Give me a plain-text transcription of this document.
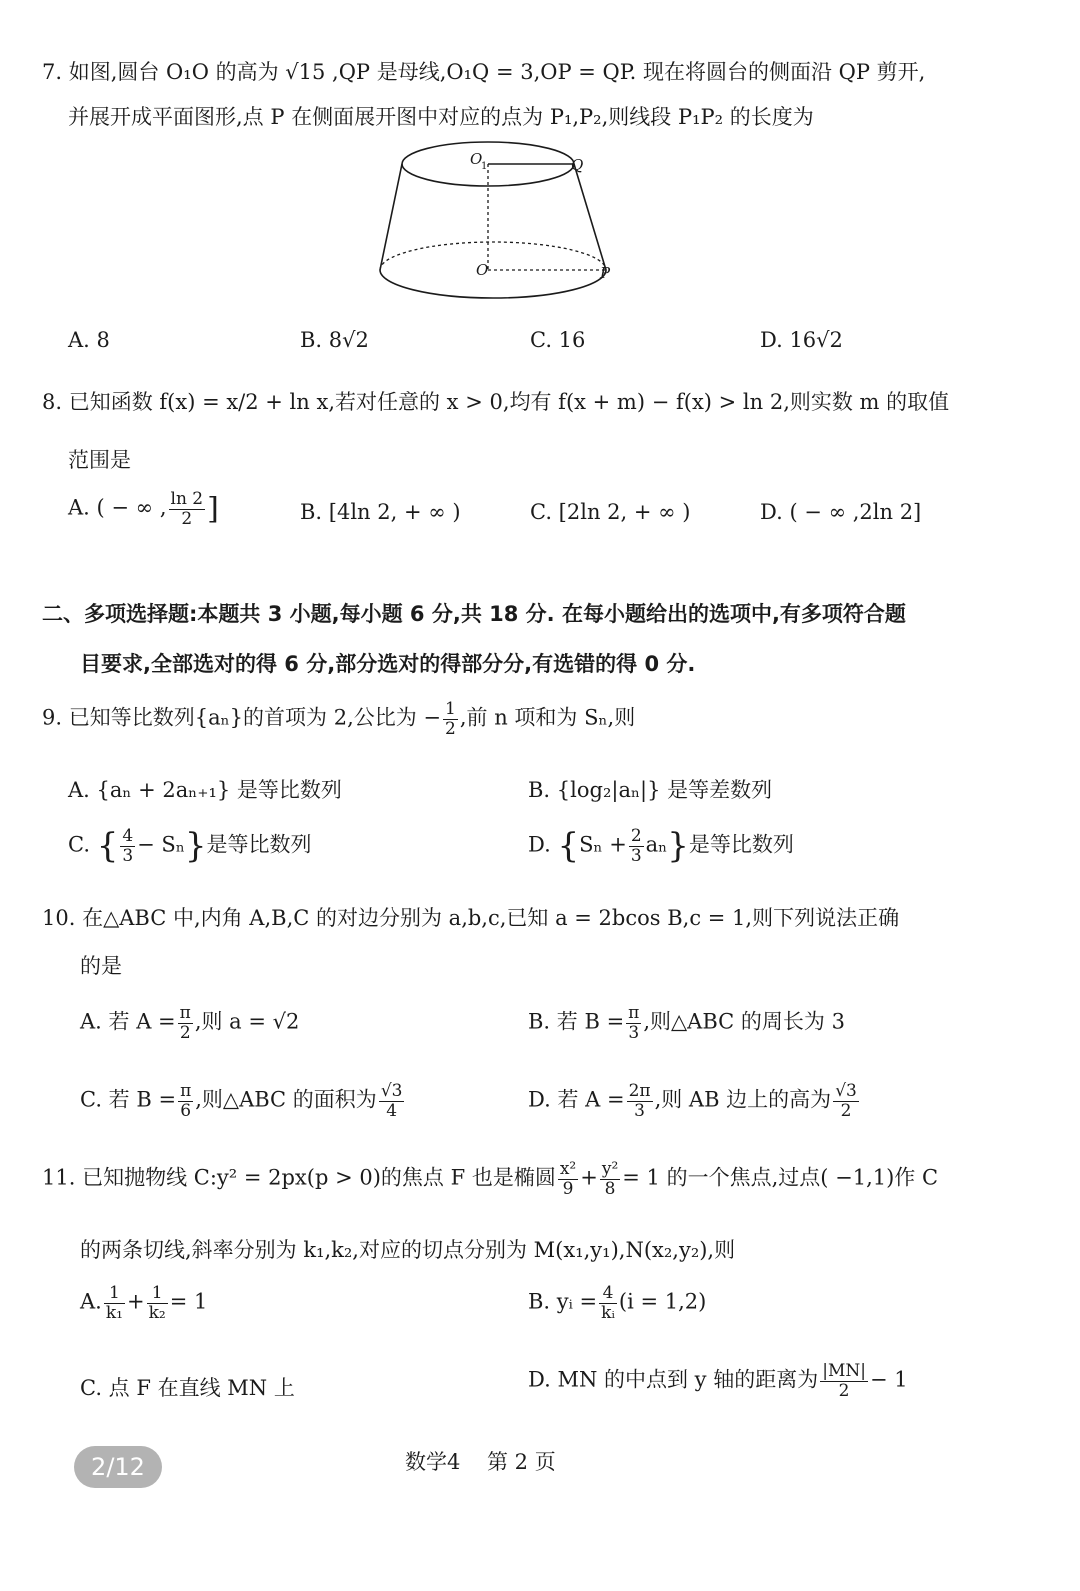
7. 如图,圆台 O₁O 的高为 √15 ,QP 是母线,O₁Q = 3,OP = QP. 现在将圆台的侧面沿 QP 剪开,
并展开成平面图形,点 P 在侧面展开图中对应的点为 P₁,P₂,则线段 P₁P₂ 的长度为
O
1	Q
O	P
A. 8	B. 8√2	C. 16	D. 16√2
8. 已知函数 f(x) = x/2 + ln x,若对任意的 x > 0,均有 f(x + m) − f(x) > ln 2,则实数 m 的取值
范围是
A. ( − ∞ , $\frac{\ln 2}{2}$ ]	B. [4ln 2, + ∞ )	C. [2ln 2, + ∞ )	D. ( − ∞ ,2ln 2]
二、多项选择题:本题共 3 小题,每小题 6 分,共 18 分. 在每小题给出的选项中,有多项符合题
目要求,全部选对的得 6 分,部分选对的得部分分,有选错的得 0 分.
9. 已知等比数列{aₙ}的首项为 2,公比为 − $\frac{1}{2}$ ,前 n 项和为 Sₙ,则
A. {aₙ + 2aₙ₊₁} 是等比数列	B. {log₂|aₙ|} 是等差数列
C. { $\frac{4}{3} - S_n$}是等比数列	D. $\{S_n + \frac{2}{3} a_n\}$是等比数列
10. 在△ABC 中,内角 A,B,C 的对边分别为 a,b,c,已知 a = 2bcos B,c = 1,则下列说法正确
的是
A. 若 $A = \frac{\pi}{2}$ ,则 a = √2	B. 若 $B = \frac{\pi}{3}$ ,则△ABC 的周长为 3
C. 若 $B = \frac{\pi}{6}$ ,则△ABC 的面积为 $\frac{√3}{4}$	D. 若 $A = \frac{2\pi}{3}$ ,则 AB 边上的高为 $\frac{√3}{2}$
11. 已知抛物线 C:y² = 2px(p > 0)的焦点 F 也是椭圆 $\frac{\text{x²}}{9} + \frac{\text{y²}}{8} = 1$ 的一个焦点,过点( −1,1)作 C
的两条切线,斜率分别为 k₁,k₂,对应的切点分别为 M(x₁,y₁),N(x₂,y₂),则
A. $\frac{1}{\text{k₁}} + \frac{1}{\text{k₂}} = 1$	B. yᵢ = $\frac{4}{\text{kᵢ}} (i = 1,2)$
C. 点 F 在直线 MN 上	D. MN 的中点到 y 轴的距离为 $\frac{|MN|}{2} - 1$
2/12	数学4 第 2 页
